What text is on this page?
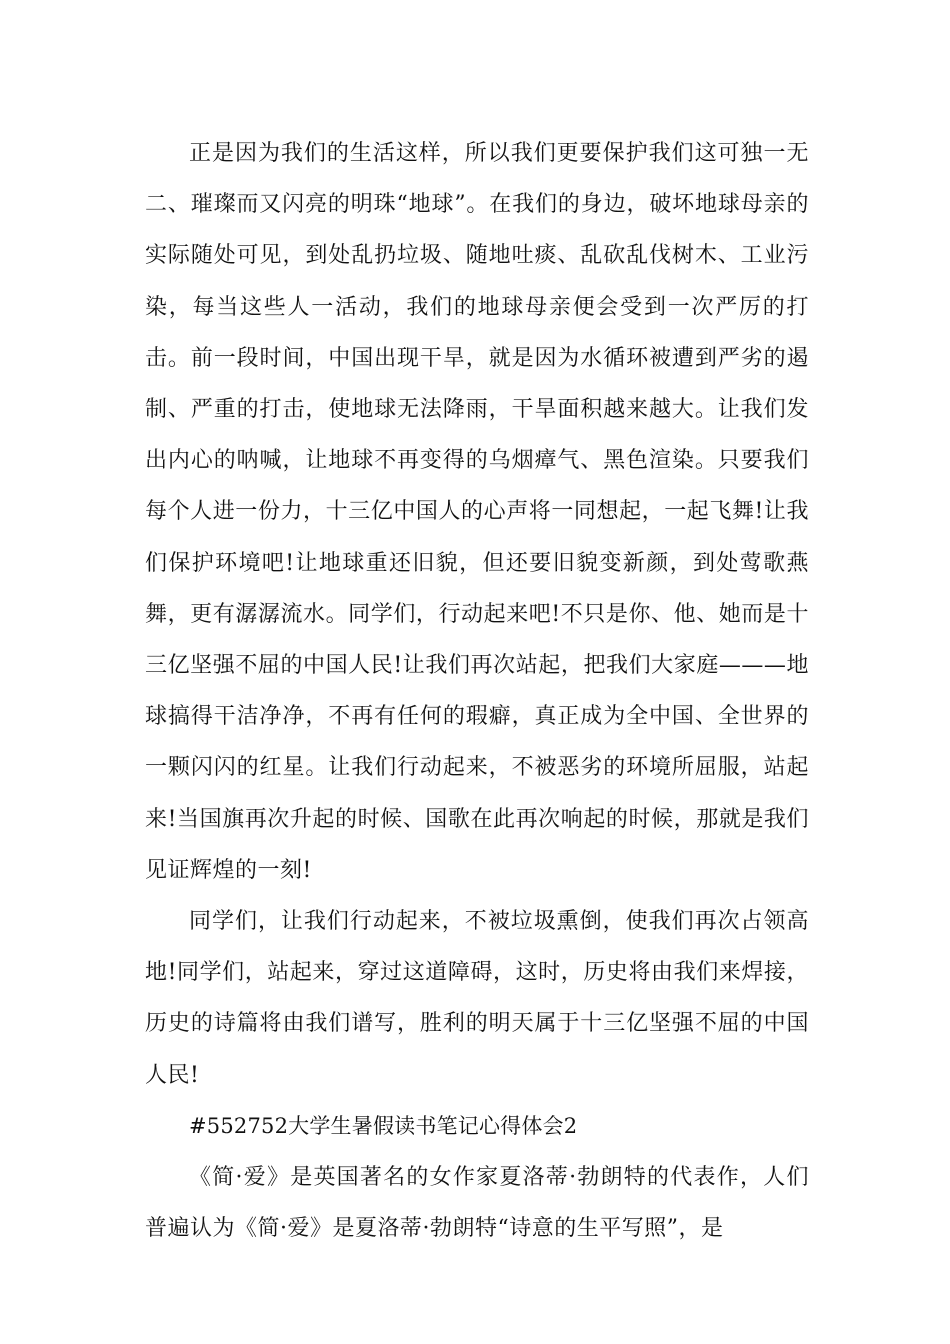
正是因为我们的生活这样，所以我们更要保护我们这可独一无二、璀璨而又闪亮的明珠“地球”。在我们的身边，破坏地球母亲的实际随处可见，到处乱扔垃圾、随地吐痰、乱砍乱伐树木、工业污染，每当这些人一活动，我们的地球母亲便会受到一次严厉的打击。前一段时间，中国出现干旱，就是因为水循环被遭到严劣的遏制、严重的打击，使地球无法降雨，干旱面积越来越大。让我们发出内心的呐喊，让地球不再变得的乌烟瘴气、黑色渲染。只要我们每个人进一份力，十三亿中国人的心声将一同想起，一起飞舞!让我们保护环境吧!让地球重还旧貌，但还要旧貌变新颜，到处莺歌燕舞，更有潺潺流水。同学们，行动起来吧!不只是你、他、她而是十三亿坚强不屈的中国人民!让我们再次站起，把我们大家庭———地球搞得干洁净净，不再有任何的瑕癖，真正成为全中国、全世界的一颗闪闪的红星。让我们行动起来，不被恶劣的环境所屈服，站起来!当国旗再次升起的时候、国歌在此再次响起的时候，那就是我们见证辉煌的一刻!

同学们，让我们行动起来，不被垃圾熏倒，使我们再次占领高地!同学们，站起来，穿过这道障碍，这时，历史将由我们来焊接，历史的诗篇将由我们谱写，胜利的明天属于十三亿坚强不屈的中国人民!

#552752大学生暑假读书笔记心得体会2

《简·爱》是英国著名的女作家夏洛蒂·勃朗特的代表作，人们普遍认为《简·爱》是夏洛蒂·勃朗特“诗意的生平写照”，是
